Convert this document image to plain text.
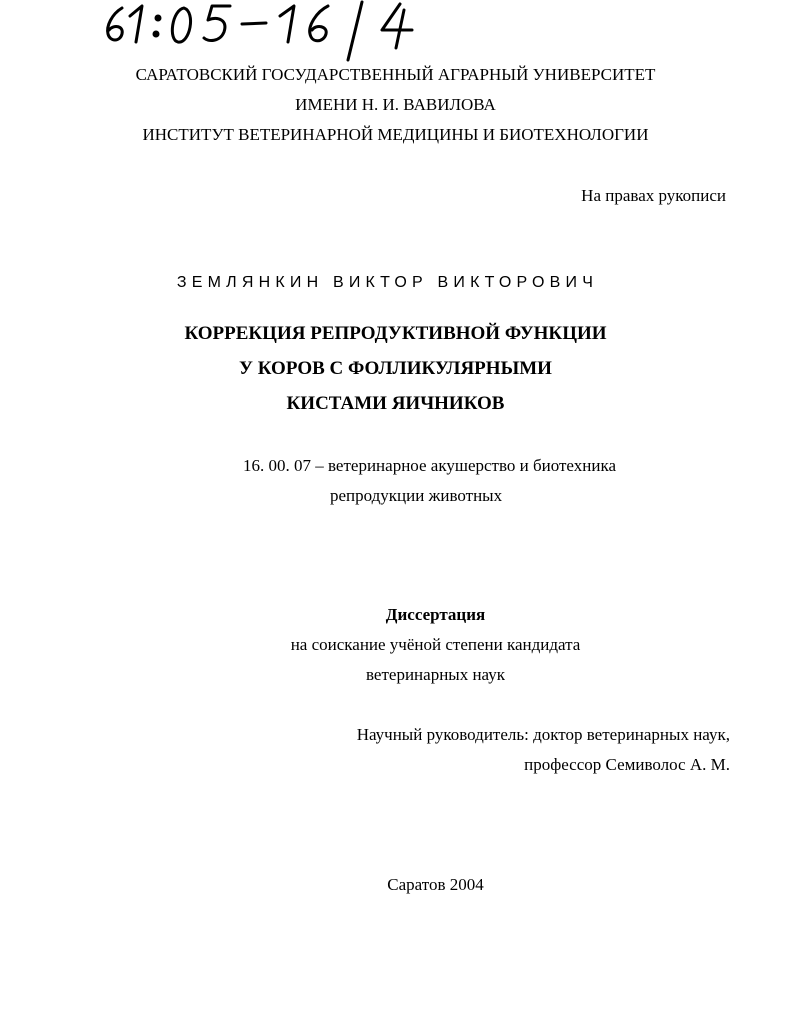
САРАТОВСКИЙ ГОСУДАРСТВЕННЫЙ АГРАРНЫЙ УНИВЕРСИТЕТ
ИМЕНИ Н. И. ВАВИЛОВА
ИНСТИТУТ ВЕТЕРИНАРНОЙ МЕДИЦИНЫ И БИОТЕХНОЛОГИИ
На правах рукописи
ЗЕМЛЯНКИН ВИКТОР ВИКТОРОВИЧ
КОРРЕКЦИЯ РЕПРОДУКТИВНОЙ ФУНКЦИИ
У КОРОВ С ФОЛЛИКУЛЯРНЫМИ
КИСТАМИ ЯИЧНИКОВ
16. 00. 07 – ветеринарное акушерство и биотехника
репродукции животных
Диссертация
на соискание учёной степени кандидата
ветеринарных наук
Научный руководитель: доктор ветеринарных наук,
профессор Семиволос А. М.
Саратов 2004
